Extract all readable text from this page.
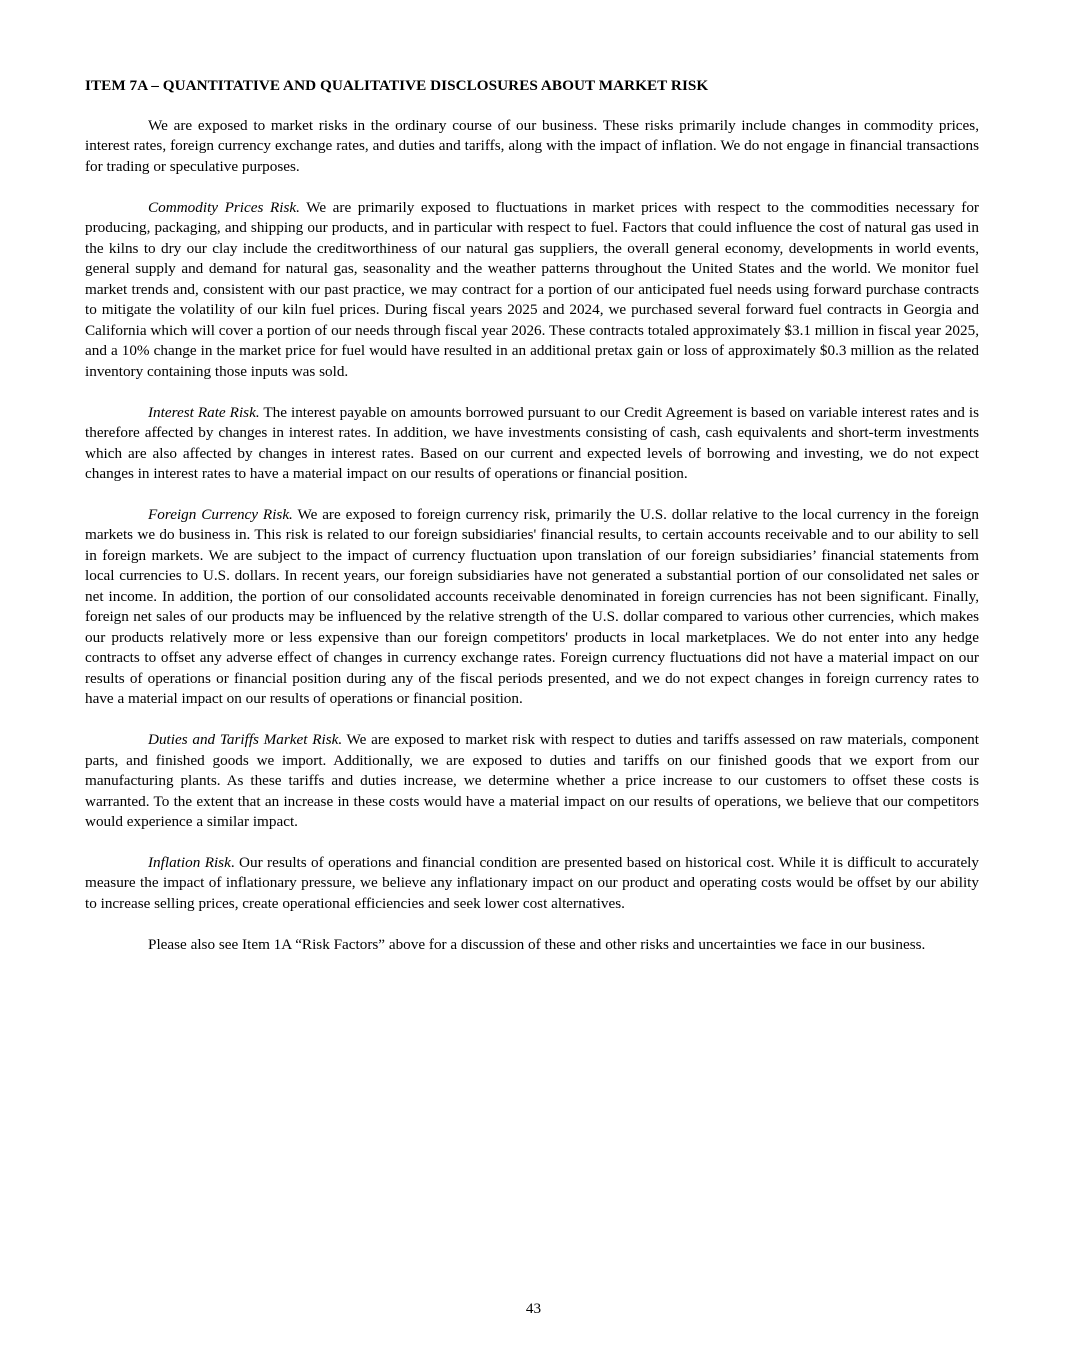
ITEM 7A – QUANTITATIVE AND QUALITATIVE DISCLOSURES ABOUT MARKET RISK

We are exposed to market risks in the ordinary course of our business. These risks primarily include changes in commodity prices, interest rates, foreign currency exchange rates, and duties and tariffs, along with the impact of inflation. We do not engage in financial transactions for trading or speculative purposes.

Commodity Prices Risk. We are primarily exposed to fluctuations in market prices with respect to the commodities necessary for producing, packaging, and shipping our products, and in particular with respect to fuel. Factors that could influence the cost of natural gas used in the kilns to dry our clay include the creditworthiness of our natural gas suppliers, the overall general economy, developments in world events, general supply and demand for natural gas, seasonality and the weather patterns throughout the United States and the world. We monitor fuel market trends and, consistent with our past practice, we may contract for a portion of our anticipated fuel needs using forward purchase contracts to mitigate the volatility of our kiln fuel prices. During fiscal years 2025 and 2024, we purchased several forward fuel contracts in Georgia and California which will cover a portion of our needs through fiscal year 2026. These contracts totaled approximately $3.1 million in fiscal year 2025, and a 10% change in the market price for fuel would have resulted in an additional pretax gain or loss of approximately $0.3 million as the related inventory containing those inputs was sold.

Interest Rate Risk. The interest payable on amounts borrowed pursuant to our Credit Agreement is based on variable interest rates and is therefore affected by changes in interest rates. In addition, we have investments consisting of cash, cash equivalents and short-term investments which are also affected by changes in interest rates. Based on our current and expected levels of borrowing and investing, we do not expect changes in interest rates to have a material impact on our results of operations or financial position.

Foreign Currency Risk. We are exposed to foreign currency risk, primarily the U.S. dollar relative to the local currency in the foreign markets we do business in. This risk is related to our foreign subsidiaries' financial results, to certain accounts receivable and to our ability to sell in foreign markets. We are subject to the impact of currency fluctuation upon translation of our foreign subsidiaries’ financial statements from local currencies to U.S. dollars. In recent years, our foreign subsidiaries have not generated a substantial portion of our consolidated net sales or net income. In addition, the portion of our consolidated accounts receivable denominated in foreign currencies has not been significant. Finally, foreign net sales of our products may be influenced by the relative strength of the U.S. dollar compared to various other currencies, which makes our products relatively more or less expensive than our foreign competitors' products in local marketplaces. We do not enter into any hedge contracts to offset any adverse effect of changes in currency exchange rates. Foreign currency fluctuations did not have a material impact on our results of operations or financial position during any of the fiscal periods presented, and we do not expect changes in foreign currency rates to have a material impact on our results of operations or financial position.

Duties and Tariffs Market Risk. We are exposed to market risk with respect to duties and tariffs assessed on raw materials, component parts, and finished goods we import. Additionally, we are exposed to duties and tariffs on our finished goods that we export from our manufacturing plants. As these tariffs and duties increase, we determine whether a price increase to our customers to offset these costs is warranted. To the extent that an increase in these costs would have a material impact on our results of operations, we believe that our competitors would experience a similar impact.

Inflation Risk. Our results of operations and financial condition are presented based on historical cost. While it is difficult to accurately measure the impact of inflationary pressure, we believe any inflationary impact on our product and operating costs would be offset by our ability to increase selling prices, create operational efficiencies and seek lower cost alternatives.

Please also see Item 1A “Risk Factors” above for a discussion of these and other risks and uncertainties we face in our business.

43
